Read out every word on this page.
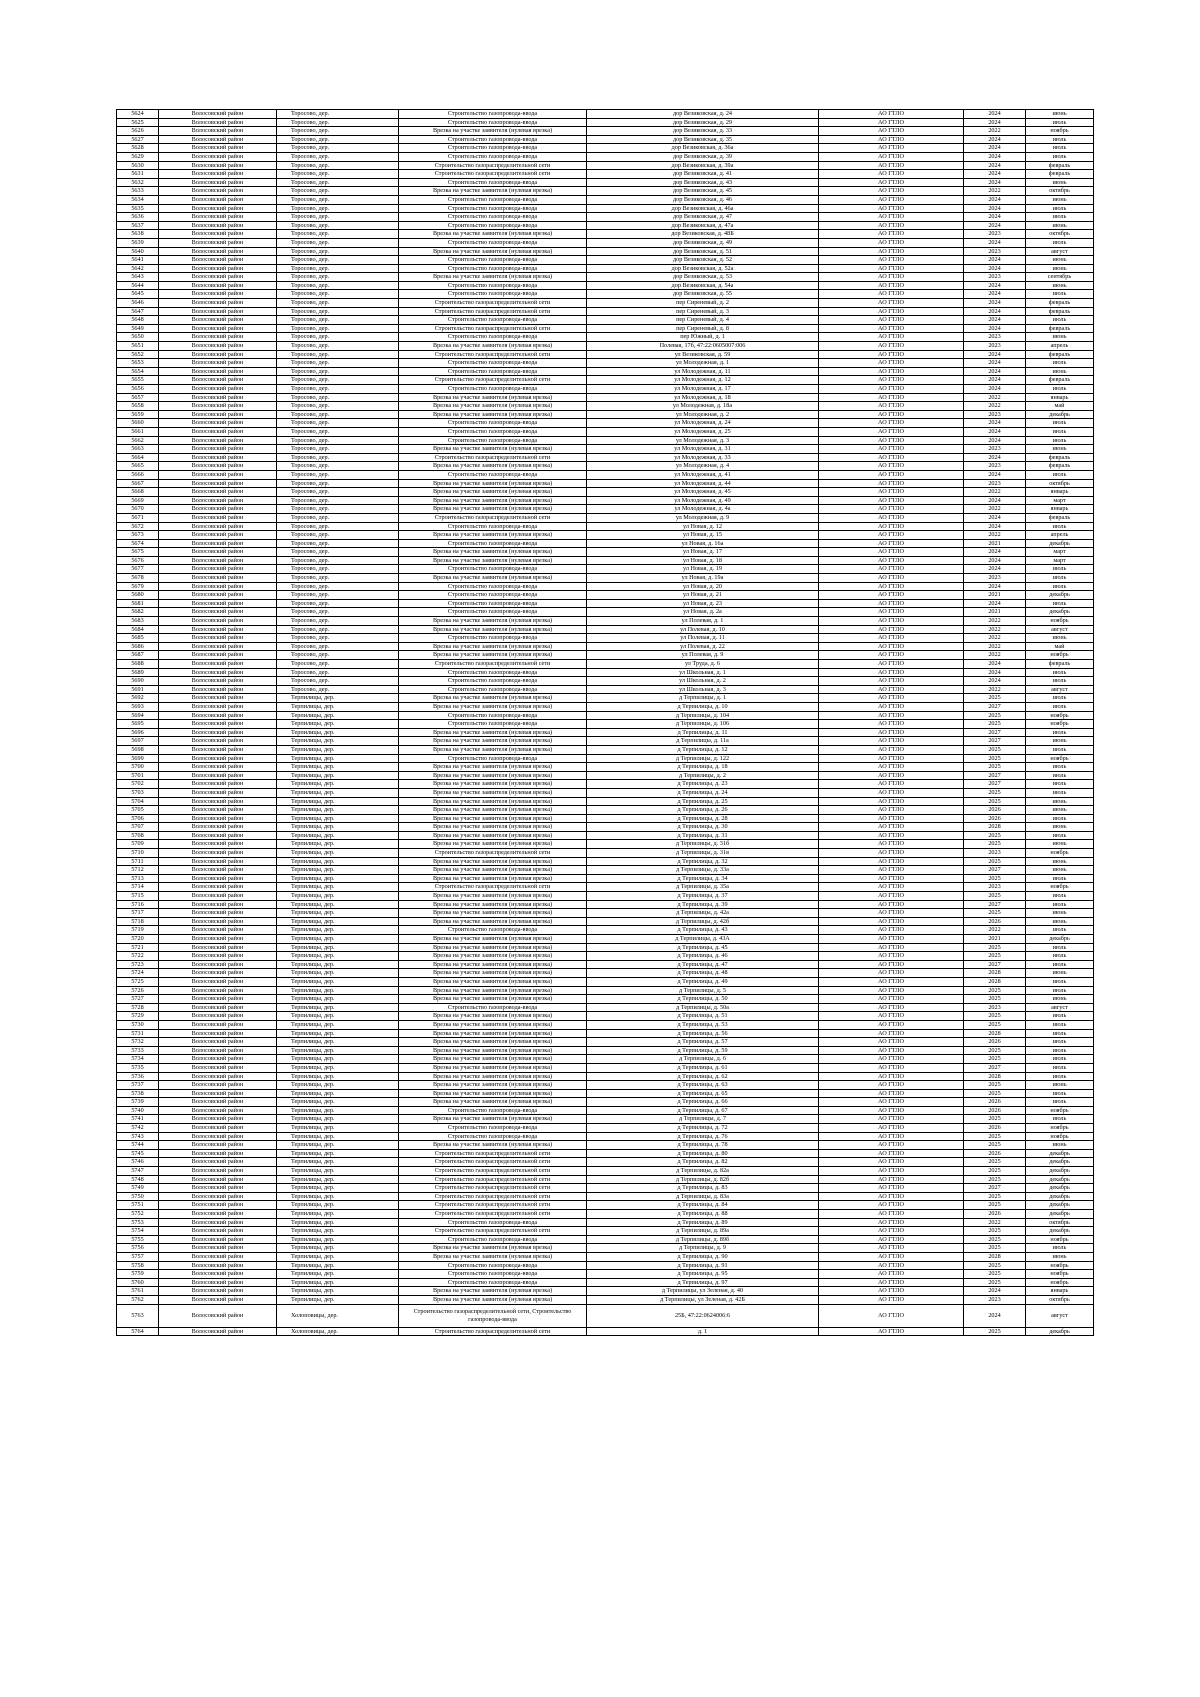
5624	Волосовский район	Торосово, дер.	Строительство газопровода-ввода	дор Везиковская, д. 24	АО ГТЛО	2024	июнь
5625	Волосовский район	Торосово, дер.	Строительство газопровода-ввода	дор Везиковская, д. 29	АО ГТЛО	2024	июль
5626	Волосовский район	Торосово, дер.	Врезка на участке заявителя (нулевая врезка)	дор Везиковская, д. 33	АО ГТЛО	2022	ноябрь
5627	Волосовский район	Торосово, дер.	Строительство газопровода-ввода	дор Везиковская, д. 35	АО ГТЛО	2024	июль
5628	Волосовский район	Торосово, дер.	Строительство газопровода-ввода	дор Везиковская, д. 36а	АО ГТЛО	2024	июль
5629	Волосовский район	Торосово, дер.	Строительство газопровода-ввода	дор Везиковская, д. 39	АО ГТЛО	2024	июль
5630	Волосовский район	Торосово, дер.	Строительство газораспределительной сети	дор Везиковская, д. 39а	АО ГТЛО	2024	февраль
5631	Волосовский район	Торосово, дер.	Строительство газораспределительной сети	дор Везиковская, д. 41	АО ГТЛО	2024	февраль
5632	Волосовский район	Торосово, дер.	Строительство газопровода-ввода	дор Везиковская, д. 43	АО ГТЛО	2024	июнь
5633	Волосовский район	Торосово, дер.	Врезка на участке заявителя (нулевая врезка)	дор Везиковская, д. 45	АО ГТЛО	2022	октябрь
5634	Волосовский район	Торосово, дер.	Строительство газопровода-ввода	дор Везиковская, д. 46	АО ГТЛО	2024	июнь
5635	Волосовский район	Торосово, дер.	Строительство газопровода-ввода	дор Везиковская, д. 46а	АО ГТЛО	2024	июль
5636	Волосовский район	Торосово, дер.	Строительство газопровода-ввода	дор Везиковская, д. 47	АО ГТЛО	2024	июль
5637	Волосовский район	Торосово, дер.	Строительство газопровода-ввода	дор Везиковская, д. 47а	АО ГТЛО	2024	июнь
5638	Волосовский район	Торосово, дер.	Врезка на участке заявителя (нулевая врезка)	дор Везиковская, д. 48Б	АО ГТЛО	2023	октябрь
5639	Волосовский район	Торосово, дер.	Строительство газопровода-ввода	дор Везиковская, д. 49	АО ГТЛО	2024	июль
5640	Волосовский район	Торосово, дер.	Врезка на участке заявителя (нулевая врезка)	дор Везиковская, д. 51	АО ГТЛО	2023	август
5641	Волосовский район	Торосово, дер.	Строительство газопровода-ввода	дор Везиковская, д. 52	АО ГТЛО	2024	июнь
5642	Волосовский район	Торосово, дер.	Строительство газопровода-ввода	дор Везиковская, д. 52а	АО ГТЛО	2024	июнь
5643	Волосовский район	Торосово, дер.	Врезка на участке заявителя (нулевая врезка)	дор Везиковская, д. 53	АО ГТЛО	2023	сентябрь
5644	Волосовский район	Торосово, дер.	Строительство газопровода-ввода	дор Везиковская, д. 54а	АО ГТЛО	2024	июнь
5645	Волосовский район	Торосово, дер.	Строительство газопровода-ввода	дор Везиковская, д. 55	АО ГТЛО	2024	июль
5646	Волосовский район	Торосово, дер.	Строительство газораспределительной сети	пер Сиреневый, д. 2	АО ГТЛО	2024	февраль
5647	Волосовский район	Торосово, дер.	Строительство газораспределительной сети	пер Сиреневый, д. 3	АО ГТЛО	2024	февраль
5648	Волосовский район	Торосово, дер.	Строительство газопровода-ввода	пер Сиреневый, д. 4	АО ГТЛО	2024	июль
5649	Волосовский район	Торосово, дер.	Строительство газораспределительной сети	пер Сиреневый, д. 8	АО ГТЛО	2024	февраль
5650	Волосовский район	Торосово, дер.	Строительство газопровода-ввода	пер Южный, д. 1	АО ГТЛО	2023	июнь
5651	Волосовский район	Торосово, дер.	Врезка на участке заявителя (нулевая врезка)	Полевая, 17б, 47:22:0605007:006	АО ГТЛО	2023	апрель
5652	Волосовский район	Торосово, дер.	Строительство газораспределительной сети	ул Везиковская, д. 59	АО ГТЛО	2024	февраль
5653	Волосовский район	Торосово, дер.	Строительство газопровода-ввода	ул Молодежная, д. 1	АО ГТЛО	2024	июль
5654	Волосовский район	Торосово, дер.	Строительство газопровода-ввода	ул Молодежная, д. 11	АО ГТЛО	2024	июнь
5655	Волосовский район	Торосово, дер.	Строительство газораспределительной сети	ул Молодежная, д. 12	АО ГТЛО	2024	февраль
5656	Волосовский район	Торосово, дер.	Строительство газопровода-ввода	ул Молодежная, д. 17	АО ГТЛО	2024	июль
5657	Волосовский район	Торосово, дер.	Врезка на участке заявителя (нулевая врезка)	ул Молодежная, д. 18	АО ГТЛО	2022	январь
5658	Волосовский район	Торосово, дер.	Врезка на участке заявителя (нулевая врезка)	ул Молодежная, д. 18а	АО ГТЛО	2022	май
5659	Волосовский район	Торосово, дер.	Врезка на участке заявителя (нулевая врезка)	ул Молодежная, д. 2	АО ГТЛО	2023	декабрь
5660	Волосовский район	Торосово, дер.	Строительство газопровода-ввода	ул Молодежная, д. 24	АО ГТЛО	2024	июль
5661	Волосовский район	Торосово, дер.	Строительство газопровода-ввода	ул Молодежная, д. 25	АО ГТЛО	2024	июль
5662	Волосовский район	Торосово, дер.	Строительство газопровода-ввода	ул Молодежная, д. 3	АО ГТЛО	2024	июль
5663	Волосовский район	Торосово, дер.	Врезка на участке заявителя (нулевая врезка)	ул Молодежная, д. 31	АО ГТЛО	2023	июнь
5664	Волосовский район	Торосово, дер.	Строительство газораспределительной сети	ул Молодежная, д. 33	АО ГТЛО	2024	февраль
5665	Волосовский район	Торосово, дер.	Врезка на участке заявителя (нулевая врезка)	ул Молодежная, д. 4	АО ГТЛО	2023	февраль
5666	Волосовский район	Торосово, дер.	Строительство газопровода-ввода	ул Молодежная, д. 41	АО ГТЛО	2024	июль
5667	Волосовский район	Торосово, дер.	Врезка на участке заявителя (нулевая врезка)	ул Молодежная, д. 44	АО ГТЛО	2023	октябрь
5668	Волосовский район	Торосово, дер.	Врезка на участке заявителя (нулевая врезка)	ул Молодежная, д. 45	АО ГТЛО	2022	январь
5669	Волосовский район	Торосово, дер.	Врезка на участке заявителя (нулевая врезка)	ул Молодежная, д. 49	АО ГТЛО	2024	март
5670	Волосовский район	Торосово, дер.	Врезка на участке заявителя (нулевая врезка)	ул Молодежная, д. 4а	АО ГТЛО	2022	январь
5671	Волосовский район	Торосово, дер.	Строительство газораспределительной сети	ул Молодежная, д. 9	АО ГТЛО	2024	февраль
5672	Волосовский район	Торосово, дер.	Строительство газопровода-ввода	ул Новая, д. 12	АО ГТЛО	2024	июль
5673	Волосовский район	Торосово, дер.	Врезка на участке заявителя (нулевая врезка)	ул Новая, д. 15	АО ГТЛО	2022	апрель
5674	Волосовский район	Торосово, дер.	Строительство газопровода-ввода	ул Новая, д. 16а	АО ГТЛО	2021	декабрь
5675	Волосовский район	Торосово, дер.	Врезка на участке заявителя (нулевая врезка)	ул Новая, д. 17	АО ГТЛО	2024	март
5676	Волосовский район	Торосово, дер.	Врезка на участке заявителя (нулевая врезка)	ул Новая, д. 18	АО ГТЛО	2024	март
5677	Волосовский район	Торосово, дер.	Строительство газопровода-ввода	ул Новая, д. 19	АО ГТЛО	2024	июль
5678	Волосовский район	Торосово, дер.	Врезка на участке заявителя (нулевая врезка)	ул Новая, д. 19а	АО ГТЛО	2023	июль
5679	Волосовский район	Торосово, дер.	Строительство газопровода-ввода	ул Новая, д. 20	АО ГТЛО	2024	июль
5680	Волосовский район	Торосово, дер.	Строительство газопровода-ввода	ул Новая, д. 21	АО ГТЛО	2021	декабрь
5681	Волосовский район	Торосово, дер.	Строительство газопровода-ввода	ул Новая, д. 23	АО ГТЛО	2024	июль
5682	Волосовский район	Торосово, дер.	Строительство газопровода-ввода	ул Новая, д. 2а	АО ГТЛО	2021	декабрь
5683	Волосовский район	Торосово, дер.	Врезка на участке заявителя (нулевая врезка)	ул Полевая, д. 1	АО ГТЛО	2022	ноябрь
5684	Волосовский район	Торосово, дер.	Врезка на участке заявителя (нулевая врезка)	ул Полевая, д. 10	АО ГТЛО	2022	август
5685	Волосовский район	Торосово, дер.	Строительство газопровода-ввода	ул Полевая, д. 11	АО ГТЛО	2022	июнь
5686	Волосовский район	Торосово, дер.	Врезка на участке заявителя (нулевая врезка)	ул Полевая, д. 22	АО ГТЛО	2022	май
5687	Волосовский район	Торосово, дер.	Врезка на участке заявителя (нулевая врезка)	ул Полевая, д. 9	АО ГТЛО	2022	ноябрь
5688	Волосовский район	Торосово, дер.	Строительство газораспределительной сети	ул Труда, д. 6	АО ГТЛО	2024	февраль
5689	Волосовский район	Торосово, дер.	Строительство газопровода-ввода	ул Школьная, д. 1	АО ГТЛО	2024	июль
5690	Волосовский район	Торосово, дер.	Строительство газопровода-ввода	ул Школьная, д. 2	АО ГТЛО	2024	июль
5691	Волосовский район	Торосово, дер.	Строительство газопровода-ввода	ул Школьная, д. 3	АО ГТЛО	2022	август
5692	Волосовский район	Терпилицы, дер.	Врезка на участке заявителя (нулевая врезка)	д Терпилицы, д. 1	АО ГТЛО	2025	июль
5693	Волосовский район	Терпилицы, дер.	Врезка на участке заявителя (нулевая врезка)	д Терпилицы, д. 10	АО ГТЛО	2027	июль
5694	Волосовский район	Терпилицы, дер.	Строительство газопровода-ввода	д Терпилицы, д. 104	АО ГТЛО	2025	ноябрь
5695	Волосовский район	Терпилицы, дер.	Строительство газопровода-ввода	д Терпилицы, д. 106	АО ГТЛО	2025	ноябрь
5696	Волосовский район	Терпилицы, дер.	Врезка на участке заявителя (нулевая врезка)	д Терпилицы, д. 11	АО ГТЛО	2027	июль
5697	Волосовский район	Терпилицы, дер.	Врезка на участке заявителя (нулевая врезка)	д Терпилицы, д. 11а	АО ГТЛО	2027	июнь
5698	Волосовский район	Терпилицы, дер.	Врезка на участке заявителя (нулевая врезка)	д Терпилицы, д. 12	АО ГТЛО	2025	июль
5699	Волосовский район	Терпилицы, дер.	Строительство газопровода-ввода	д Терпилицы, д. 122	АО ГТЛО	2025	ноябрь
5700	Волосовский район	Терпилицы, дер.	Врезка на участке заявителя (нулевая врезка)	д Терпилицы, д. 18	АО ГТЛО	2025	июль
5701	Волосовский район	Терпилицы, дер.	Врезка на участке заявителя (нулевая врезка)	д Терпилицы, д. 2	АО ГТЛО	2027	июль
5702	Волосовский район	Терпилицы, дер.	Врезка на участке заявителя (нулевая врезка)	д Терпилицы, д. 23	АО ГТЛО	2027	июль
5703	Волосовский район	Терпилицы, дер.	Врезка на участке заявителя (нулевая врезка)	д Терпилицы, д. 24	АО ГТЛО	2025	июль
5704	Волосовский район	Терпилицы, дер.	Врезка на участке заявителя (нулевая врезка)	д Терпилицы, д. 25	АО ГТЛО	2025	июнь
5705	Волосовский район	Терпилицы, дер.	Врезка на участке заявителя (нулевая врезка)	д Терпилицы, д. 26	АО ГТЛО	2026	июнь
5706	Волосовский район	Терпилицы, дер.	Врезка на участке заявителя (нулевая врезка)	д Терпилицы, д. 28	АО ГТЛО	2026	июль
5707	Волосовский район	Терпилицы, дер.	Врезка на участке заявителя (нулевая врезка)	д Терпилицы, д. 30	АО ГТЛО	2028	июнь
5708	Волосовский район	Терпилицы, дер.	Врезка на участке заявителя (нулевая врезка)	д Терпилицы, д. 31	АО ГТЛО	2025	июль
5709	Волосовский район	Терпилицы, дер.	Врезка на участке заявителя (нулевая врезка)	д Терпилицы, д. 31б	АО ГТЛО	2025	июнь
5710	Волосовский район	Терпилицы, дер.	Строительство газораспределительной сети	д Терпилицы, д. 31в	АО ГТЛО	2023	ноябрь
5711	Волосовский район	Терпилицы, дер.	Врезка на участке заявителя (нулевая врезка)	д Терпилицы, д. 32	АО ГТЛО	2025	июнь
5712	Волосовский район	Терпилицы, дер.	Врезка на участке заявителя (нулевая врезка)	д Терпилицы, д. 33а	АО ГТЛО	2027	июнь
5713	Волосовский район	Терпилицы, дер.	Врезка на участке заявителя (нулевая врезка)	д Терпилицы, д. 34	АО ГТЛО	2025	июль
5714	Волосовский район	Терпилицы, дер.	Строительство газораспределительной сети	д Терпилицы, д. 35а	АО ГТЛО	2023	ноябрь
5715	Волосовский район	Терпилицы, дер.	Врезка на участке заявителя (нулевая врезка)	д Терпилицы, д. 37	АО ГТЛО	2025	июль
5716	Волосовский район	Терпилицы, дер.	Врезка на участке заявителя (нулевая врезка)	д Терпилицы, д. 39	АО ГТЛО	2027	июль
5717	Волосовский район	Терпилицы, дер.	Врезка на участке заявителя (нулевая врезка)	д Терпилицы, д. 42а	АО ГТЛО	2025	июнь
5718	Волосовский район	Терпилицы, дер.	Врезка на участке заявителя (нулевая врезка)	д Терпилицы, д. 42б	АО ГТЛО	2026	июнь
5719	Волосовский район	Терпилицы, дер.	Строительство газопровода-ввода	д Терпилицы, д. 43	АО ГТЛО	2022	июль
5720	Волосовский район	Терпилицы, дер.	Врезка на участке заявителя (нулевая врезка)	д Терпилицы, д. 43А	АО ГТЛО	2021	декабрь
5721	Волосовский район	Терпилицы, дер.	Врезка на участке заявителя (нулевая врезка)	д Терпилицы, д. 45	АО ГТЛО	2025	июль
5722	Волосовский район	Терпилицы, дер.	Врезка на участке заявителя (нулевая врезка)	д Терпилицы, д. 46	АО ГТЛО	2025	июль
5723	Волосовский район	Терпилицы, дер.	Врезка на участке заявителя (нулевая врезка)	д Терпилицы, д. 47	АО ГТЛО	2027	июль
5724	Волосовский район	Терпилицы, дер.	Врезка на участке заявителя (нулевая врезка)	д Терпилицы, д. 48	АО ГТЛО	2028	июнь
5725	Волосовский район	Терпилицы, дер.	Врезка на участке заявителя (нулевая врезка)	д Терпилицы, д. 49	АО ГТЛО	2028	июль
5726	Волосовский район	Терпилицы, дер.	Врезка на участке заявителя (нулевая врезка)	д Терпилицы, д. 5	АО ГТЛО	2025	июль
5727	Волосовский район	Терпилицы, дер.	Врезка на участке заявителя (нулевая врезка)	д Терпилицы, д. 50	АО ГТЛО	2025	июнь
5728	Волосовский район	Терпилицы, дер.	Строительство газопровода-ввода	д Терпилицы, д. 50а	АО ГТЛО	2023	август
5729	Волосовский район	Терпилицы, дер.	Врезка на участке заявителя (нулевая врезка)	д Терпилицы, д. 51	АО ГТЛО	2025	июль
5730	Волосовский район	Терпилицы, дер.	Врезка на участке заявителя (нулевая врезка)	д Терпилицы, д. 53	АО ГТЛО	2025	июль
5731	Волосовский район	Терпилицы, дер.	Врезка на участке заявителя (нулевая врезка)	д Терпилицы, д. 56	АО ГТЛО	2028	июль
5732	Волосовский район	Терпилицы, дер.	Врезка на участке заявителя (нулевая врезка)	д Терпилицы, д. 57	АО ГТЛО	2026	июль
5733	Волосовский район	Терпилицы, дер.	Врезка на участке заявителя (нулевая врезка)	д Терпилицы, д. 59	АО ГТЛО	2025	июль
5734	Волосовский район	Терпилицы, дер.	Врезка на участке заявителя (нулевая врезка)	д Терпилицы, д. 6	АО ГТЛО	2025	июль
5735	Волосовский район	Терпилицы, дер.	Врезка на участке заявителя (нулевая врезка)	д Терпилицы, д. 61	АО ГТЛО	2027	июль
5736	Волосовский район	Терпилицы, дер.	Врезка на участке заявителя (нулевая врезка)	д Терпилицы, д. 62	АО ГТЛО	2028	июль
5737	Волосовский район	Терпилицы, дер.	Врезка на участке заявителя (нулевая врезка)	д Терпилицы, д. 63	АО ГТЛО	2025	июнь
5738	Волосовский район	Терпилицы, дер.	Врезка на участке заявителя (нулевая врезка)	д Терпилицы, д. 65	АО ГТЛО	2025	июль
5739	Волосовский район	Терпилицы, дер.	Врезка на участке заявителя (нулевая врезка)	д Терпилицы, д. 66	АО ГТЛО	2026	июль
5740	Волосовский район	Терпилицы, дер.	Строительство газопровода-ввода	д Терпилицы, д. 67	АО ГТЛО	2026	ноябрь
5741	Волосовский район	Терпилицы, дер.	Врезка на участке заявителя (нулевая врезка)	д Терпилицы, д. 7	АО ГТЛО	2025	июль
5742	Волосовский район	Терпилицы, дер.	Строительство газопровода-ввода	д Терпилицы, д. 72	АО ГТЛО	2026	ноябрь
5743	Волосовский район	Терпилицы, дер.	Строительство газопровода-ввода	д Терпилицы, д. 76	АО ГТЛО	2025	ноябрь
5744	Волосовский район	Терпилицы, дер.	Врезка на участке заявителя (нулевая врезка)	д Терпилицы, д. 78	АО ГТЛО	2025	июнь
5745	Волосовский район	Терпилицы, дер.	Строительство газораспределительной сети	д Терпилицы, д. 80	АО ГТЛО	2026	декабрь
5746	Волосовский район	Терпилицы, дер.	Строительство газораспределительной сети	д Терпилицы, д. 82	АО ГТЛО	2025	декабрь
5747	Волосовский район	Терпилицы, дер.	Строительство газораспределительной сети	д Терпилицы, д. 82а	АО ГТЛО	2025	декабрь
5748	Волосовский район	Терпилицы, дер.	Строительство газораспределительной сети	д Терпилицы, д. 82б	АО ГТЛО	2025	декабрь
5749	Волосовский район	Терпилицы, дер.	Строительство газораспределительной сети	д Терпилицы, д. 83	АО ГТЛО	2027	декабрь
5750	Волосовский район	Терпилицы, дер.	Строительство газораспределительной сети	д Терпилицы, д. 83а	АО ГТЛО	2025	декабрь
5751	Волосовский район	Терпилицы, дер.	Строительство газораспределительной сети	д Терпилицы, д. 84	АО ГТЛО	2025	декабрь
5752	Волосовский район	Терпилицы, дер.	Строительство газораспределительной сети	д Терпилицы, д. 88	АО ГТЛО	2026	декабрь
5753	Волосовский район	Терпилицы, дер.	Строительство газопровода-ввода	д Терпилицы, д. 89	АО ГТЛО	2022	октябрь
5754	Волосовский район	Терпилицы, дер.	Строительство газораспределительной сети	д Терпилицы, д. 89а	АО ГТЛО	2025	декабрь
5755	Волосовский район	Терпилицы, дер.	Строительство газопровода-ввода	д Терпилицы, д. 89б	АО ГТЛО	2025	ноябрь
5756	Волосовский район	Терпилицы, дер.	Врезка на участке заявителя (нулевая врезка)	д Терпилицы, д. 9	АО ГТЛО	2025	июль
5757	Волосовский район	Терпилицы, дер.	Врезка на участке заявителя (нулевая врезка)	д Терпилицы, д. 90	АО ГТЛО	2028	июнь
5758	Волосовский район	Терпилицы, дер.	Строительство газопровода-ввода	д Терпилицы, д. 91	АО ГТЛО	2025	ноябрь
5759	Волосовский район	Терпилицы, дер.	Строительство газопровода-ввода	д Терпилицы, д. 95	АО ГТЛО	2025	ноябрь
5760	Волосовский район	Терпилицы, дер.	Строительство газопровода-ввода	д Терпилицы, д. 97	АО ГТЛО	2025	ноябрь
5761	Волосовский район	Терпилицы, дер.	Врезка на участке заявителя (нулевая врезка)	д Терпилицы, ул Зеленая, д. 40	АО ГТЛО	2024	январь
5762	Волосовский район	Терпилицы, дер.	Врезка на участке заявителя (нулевая врезка)	д Терпилицы, ул Зеленая, д. 42Б	АО ГТЛО	2023	октябрь
5763	Волосовский район	Холоповицы, дер.	Строительство газораспределительной сети, Строительство газопровода-ввода	25Б, 47:22:0624006:6	АО ГТЛО	2024	август
5764	Волосовский район	Холоповицы, дер.	Строительство газораспределительной сети	д. 1	АО ГТЛО	2025	декабрь
